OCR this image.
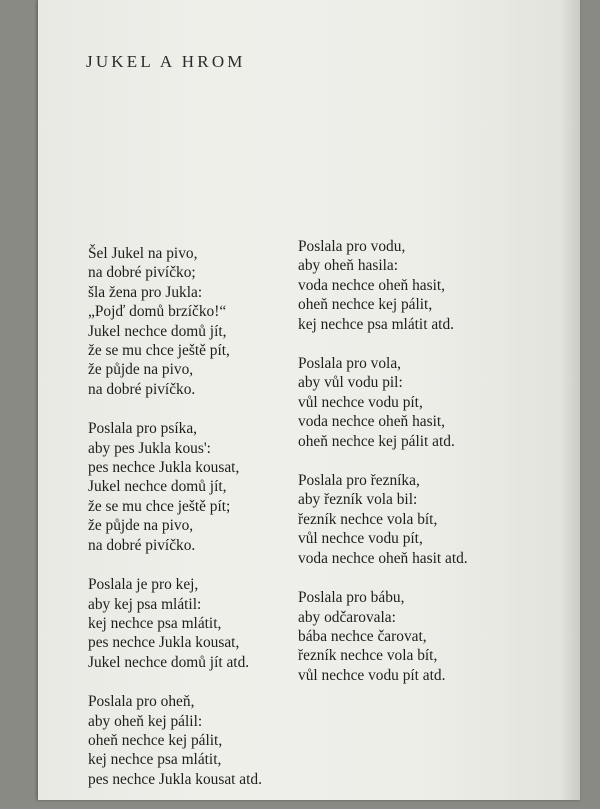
JUKEL A HROM
Šel Jukel na pivo,
na dobré pivíčko;
šla žena pro Jukla:
„Pojď domů brzíčko!“
Jukel nechce domů jít,
že se mu chce ještě pít,
že půjde na pivo,
na dobré pivíčko.
Poslala pro psíka,
aby pes Jukla kous':
pes nechce Jukla kousat,
Jukel nechce domů jít,
že se mu chce ještě pít;
že půjde na pivo,
na dobré pivíčko.
Poslala je pro kej,
aby kej psa mlátil:
kej nechce psa mlátit,
pes nechce Jukla kousat,
Jukel nechce domů jít atd.
Poslala pro oheň,
aby oheň kej pálil:
oheň nechce kej pálit,
kej nechce psa mlátit,
pes nechce Jukla kousat atd.
Poslala pro vodu,
aby oheň hasila:
voda nechce oheň hasit,
oheň nechce kej pálit,
kej nechce psa mlátit atd.
Poslala pro vola,
aby vůl vodu pil:
vůl nechce vodu pít,
voda nechce oheň hasit,
oheň nechce kej pálit atd.
Poslala pro řezníka,
aby řezník vola bil:
řezník nechce vola bít,
vůl nechce vodu pít,
voda nechce oheň hasit atd.
Poslala pro bábu,
aby odčarovala:
bába nechce čarovat,
řezník nechce vola bít,
vůl nechce vodu pít atd.
